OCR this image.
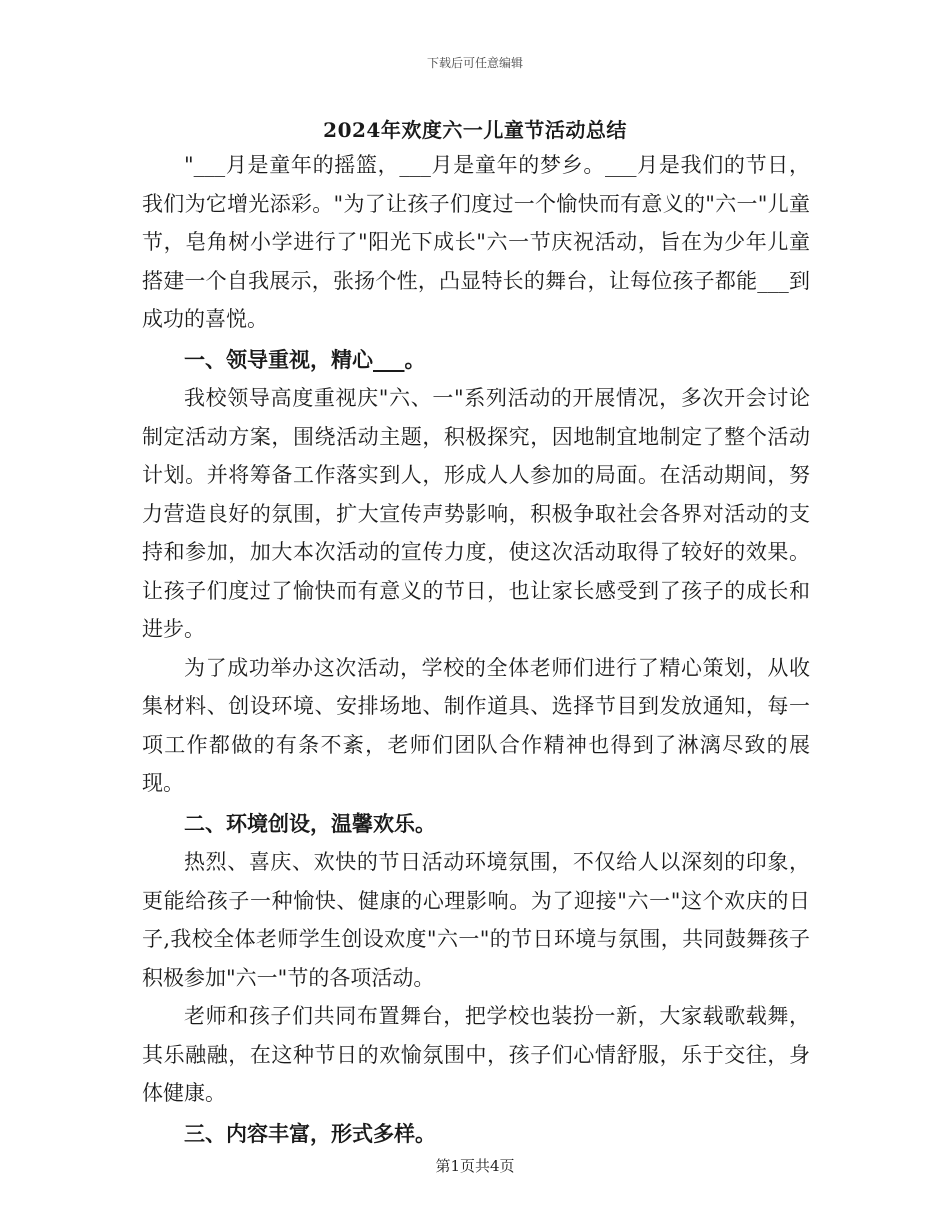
下载后可任意编辑
2024年欢度六一儿童节活动总结

"___月是童年的摇篮，___月是童年的梦乡。___月是我们的节日，我们为它增光添彩。"为了让孩子们度过一个愉快而有意义的"六一"儿童节，皂角树小学进行了"阳光下成长"六一节庆祝活动，旨在为少年儿童搭建一个自我展示，张扬个性，凸显特长的舞台，让每位孩子都能___到成功的喜悦。

一、领导重视，精心___。

我校领导高度重视庆"六、一"系列活动的开展情况，多次开会讨论制定活动方案，围绕活动主题，积极探究，因地制宜地制定了整个活动计划。并将筹备工作落实到人，形成人人参加的局面。在活动期间，努力营造良好的氛围，扩大宣传声势影响，积极争取社会各界对活动的支持和参加，加大本次活动的宣传力度，使这次活动取得了较好的效果。让孩子们度过了愉快而有意义的节日，也让家长感受到了孩子的成长和进步。

为了成功举办这次活动，学校的全体老师们进行了精心策划，从收集材料、创设环境、安排场地、制作道具、选择节目到发放通知，每一项工作都做的有条不紊，老师们团队合作精神也得到了淋漓尽致的展现。

二、环境创设，温馨欢乐。

热烈、喜庆、欢快的节日活动环境氛围，不仅给人以深刻的印象，更能给孩子一种愉快、健康的心理影响。为了迎接"六一"这个欢庆的日子,我校全体老师学生创设欢度"六一"的节日环境与氛围，共同鼓舞孩子积极参加"六一"节的各项活动。

老师和孩子们共同布置舞台，把学校也装扮一新，大家载歌载舞，其乐融融，在这种节日的欢愉氛围中，孩子们心情舒服，乐于交往，身体健康。

三、内容丰富，形式多样。

第1页共4页
